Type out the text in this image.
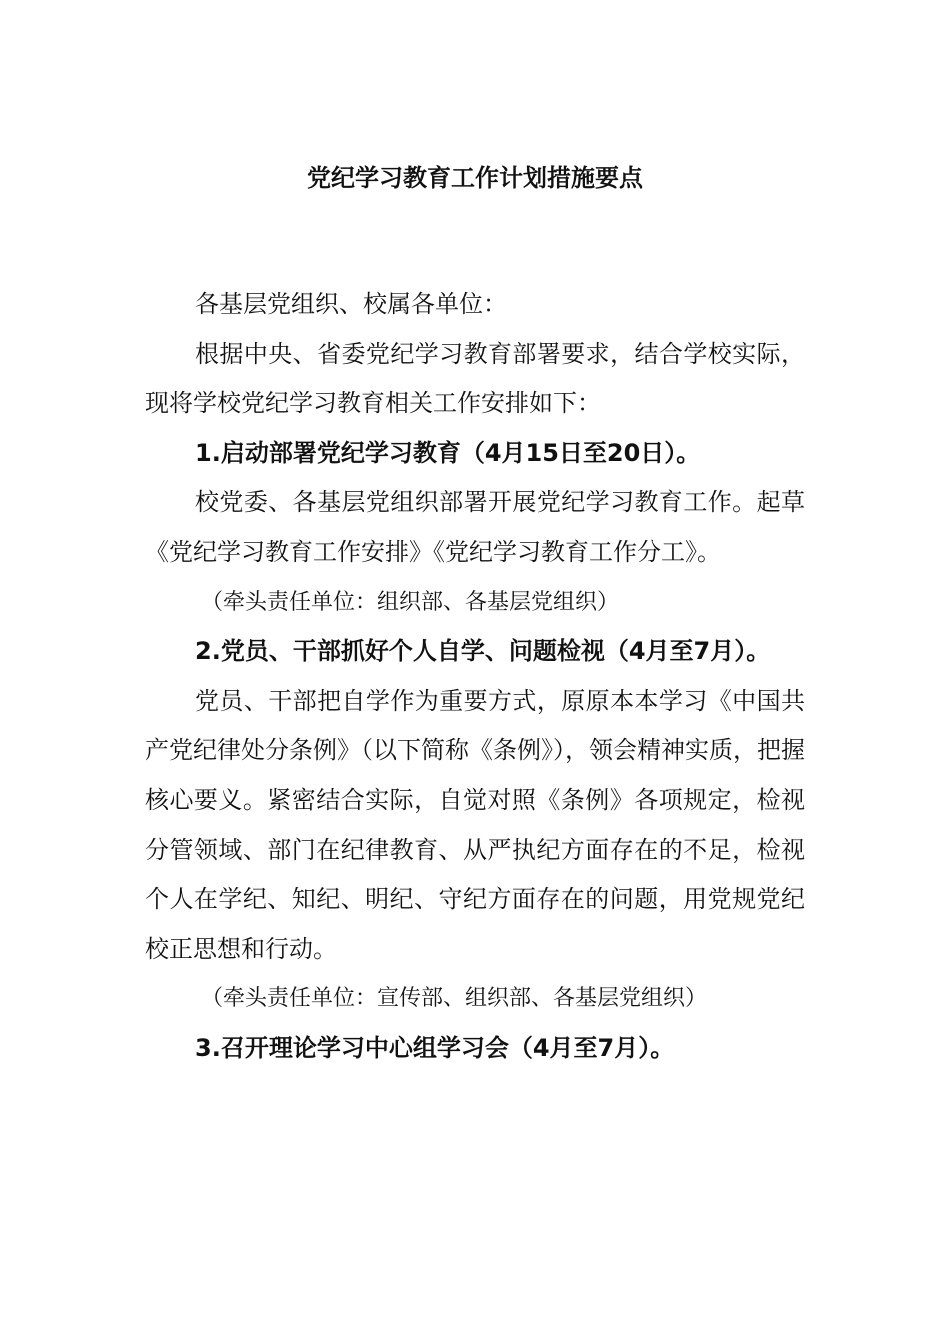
党纪学习教育工作计划措施要点

各基层党组织、校属各单位：

根据中央、省委党纪学习教育部署要求，结合学校实际，现将学校党纪学习教育相关工作安排如下：

1.启动部署党纪学习教育（4月15日至20日）。

校党委、各基层党组织部署开展党纪学习教育工作。起草《党纪学习教育工作安排》《党纪学习教育工作分工》。

（牵头责任单位：组织部、各基层党组织）

2.党员、干部抓好个人自学、问题检视（4月至7月）。

党员、干部把自学作为重要方式，原原本本学习《中国共产党纪律处分条例》（以下简称《条例》），领会精神实质，把握核心要义。紧密结合实际，自觉对照《条例》各项规定，检视分管领域、部门在纪律教育、从严执纪方面存在的不足，检视个人在学纪、知纪、明纪、守纪方面存在的问题，用党规党纪校正思想和行动。

（牵头责任单位：宣传部、组织部、各基层党组织）

3.召开理论学习中心组学习会（4月至7月）。
